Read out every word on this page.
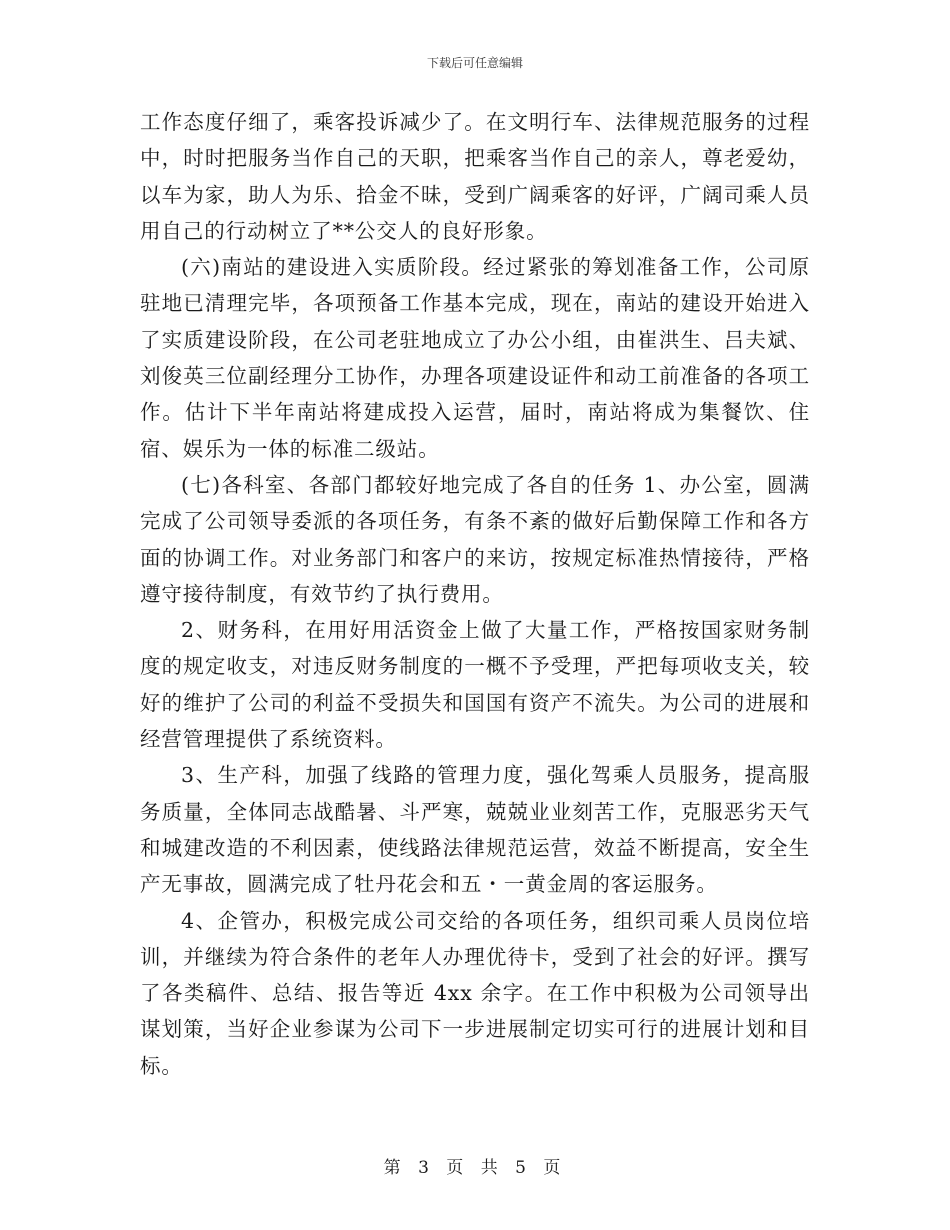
下载后可任意编辑

工作态度仔细了，乘客投诉减少了。在文明行车、法律规范服务的过程中，时时把服务当作自己的天职，把乘客当作自己的亲人，尊老爱幼，以车为家，助人为乐、拾金不昧，受到广阔乘客的好评，广阔司乘人员用自己的行动树立了**公交人的良好形象。

(六)南站的建设进入实质阶段。经过紧张的筹划准备工作，公司原驻地已清理完毕，各项预备工作基本完成，现在，南站的建设开始进入了实质建设阶段，在公司老驻地成立了办公小组，由崔洪生、吕夫斌、刘俊英三位副经理分工协作，办理各项建设证件和动工前准备的各项工作。估计下半年南站将建成投入运营，届时，南站将成为集餐饮、住宿、娱乐为一体的标准二级站。

(七)各科室、各部门都较好地完成了各自的任务 1、办公室，圆满完成了公司领导委派的各项任务，有条不紊的做好后勤保障工作和各方面的协调工作。对业务部门和客户的来访，按规定标准热情接待，严格遵守接待制度，有效节约了执行费用。

2、财务科，在用好用活资金上做了大量工作，严格按国家财务制度的规定收支，对违反财务制度的一概不予受理，严把每项收支关，较好的维护了公司的利益不受损失和国国有资产不流失。为公司的进展和经营管理提供了系统资料。

3、生产科，加强了线路的管理力度，强化驾乘人员服务，提高服务质量，全体同志战酷暑、斗严寒，兢兢业业刻苦工作，克服恶劣天气和城建改造的不利因素，使线路法律规范运营，效益不断提高，安全生产无事故，圆满完成了牡丹花会和五・一黄金周的客运服务。

4、企管办，积极完成公司交给的各项任务，组织司乘人员岗位培训，并继续为符合条件的老年人办理优待卡，受到了社会的好评。撰写了各类稿件、总结、报告等近 4xx 余字。在工作中积极为公司领导出谋划策，当好企业参谋为公司下一步进展制定切实可行的进展计划和目标。

第 3 页 共 5 页
